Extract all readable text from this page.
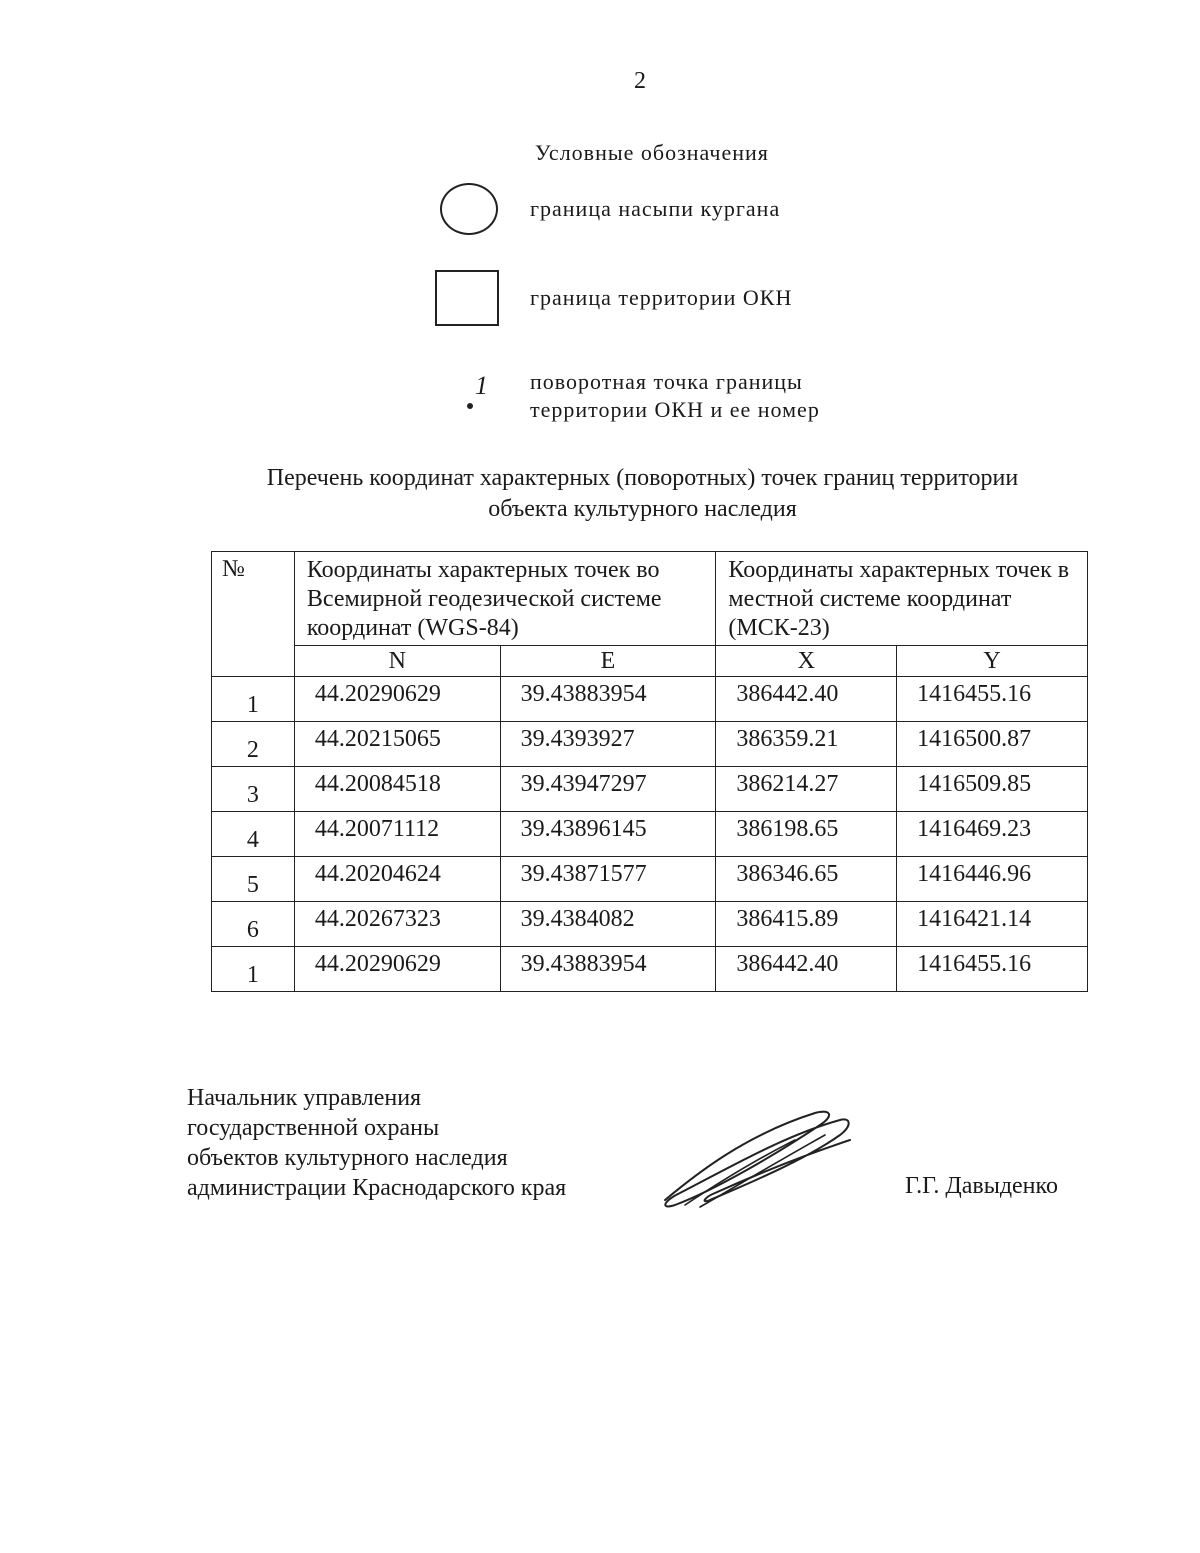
2
Условные обозначения
граница насыпи кургана
граница территории ОКН
1 поворотная точка границы
территории ОКН и ее номер
Перечень координат характерных (поворотных) точек границ территории
объекта культурного наследия
№	Координаты характерных точек во Всемирной геодезической системе координат (WGS-84)		Координаты характерных точек в местной системе координат (МСК-23)	
	N	E	X	Y
1	44.20290629	39.43883954	386442.40	1416455.16
2	44.20215065	39.4393927	386359.21	1416500.87
3	44.20084518	39.43947297	386214.27	1416509.85
4	44.20071112	39.43896145	386198.65	1416469.23
5	44.20204624	39.43871577	386346.65	1416446.96
6	44.20267323	39.4384082	386415.89	1416421.14
1	44.20290629	39.43883954	386442.40	1416455.16
Начальник управления
государственной охраны
объектов культурного наследия
администрации Краснодарского края	Г.Г. Давыденко
